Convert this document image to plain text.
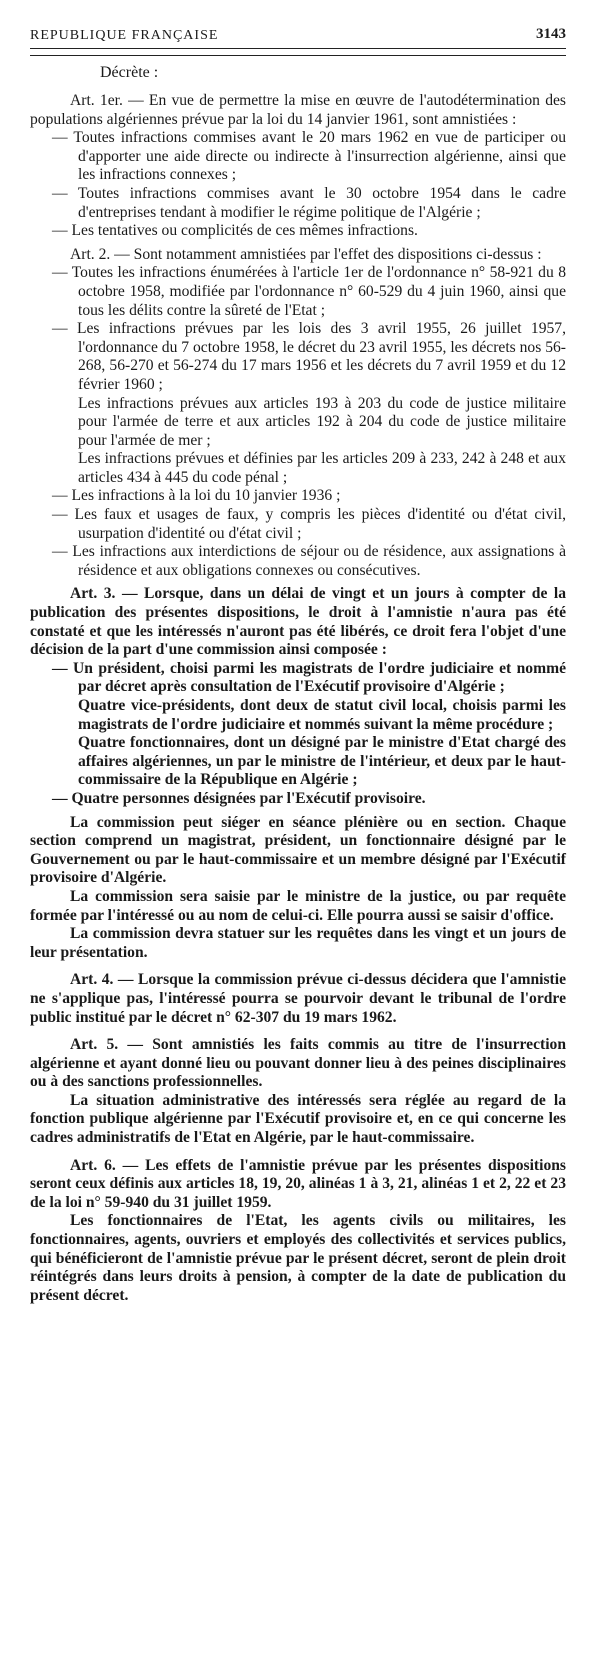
REPUBLIQUE FRANÇAISE	3143
Décrète :

Art. 1er. — En vue de permettre la mise en œuvre de l'autodétermination des populations algériennes prévue par la loi du 14 janvier 1961, sont amnistiées :

— Toutes infractions commises avant le 20 mars 1962 en vue de participer ou d'apporter une aide directe ou indirecte à l'insurrection algérienne, ainsi que les infractions connexes ;

— Toutes infractions commises avant le 30 octobre 1954 dans le cadre d'entreprises tendant à modifier le régime politique de l'Algérie ;

— Les tentatives ou complicités de ces mêmes infractions.

Art. 2. — Sont notamment amnistiées par l'effet des dispositions ci-dessus :

— Toutes les infractions énumérées à l'article 1er de l'ordonnance n° 58-921 du 8 octobre 1958, modifiée par l'ordonnance n° 60-529 du 4 juin 1960, ainsi que tous les délits contre la sûreté de l'Etat ;

— Les infractions prévues par les lois des 3 avril 1955, 26 juillet 1957, l'ordonnance du 7 octobre 1958, le décret du 23 avril 1955, les décrets nos 56-268, 56-270 et 56-274 du 17 mars 1956 et les décrets du 7 avril 1959 et du 12 février 1960 ;

Les infractions prévues aux articles 193 à 203 du code de justice militaire pour l'armée de terre et aux articles 192 à 204 du code de justice militaire pour l'armée de mer ;

Les infractions prévues et définies par les articles 209 à 233, 242 à 248 et aux articles 434 à 445 du code pénal ;

— Les infractions à la loi du 10 janvier 1936 ;

— Les faux et usages de faux, y compris les pièces d'identité ou d'état civil, usurpation d'identité ou d'état civil ;

— Les infractions aux interdictions de séjour ou de résidence, aux assignations à résidence et aux obligations connexes ou consécutives.

Art. 3. — Lorsque, dans un délai de vingt et un jours à compter de la publication des présentes dispositions, le droit à l'amnistie n'aura pas été constaté et que les intéressés n'auront pas été libérés, ce droit fera l'objet d'une décision de la part d'une commission ainsi composée :

— Un président, choisi parmi les magistrats de l'ordre judiciaire et nommé par décret après consultation de l'Exécutif provisoire d'Algérie ;

Quatre vice-présidents, dont deux de statut civil local, choisis parmi les magistrats de l'ordre judiciaire et nommés suivant la même procédure ;

Quatre fonctionnaires, dont un désigné par le ministre d'Etat chargé des affaires algériennes, un par le ministre de l'intérieur, et deux par le haut-commissaire de la République en Algérie ;

— Quatre personnes désignées par l'Exécutif provisoire.

La commission peut siéger en séance plénière ou en section. Chaque section comprend un magistrat, président, un fonctionnaire désigné par le Gouvernement ou par le haut-commissaire et un membre désigné par l'Exécutif provisoire d'Algérie.

La commission sera saisie par le ministre de la justice, ou par requête formée par l'intéressé ou au nom de celui-ci. Elle pourra aussi se saisir d'office.

La commission devra statuer sur les requêtes dans les vingt et un jours de leur présentation.

Art. 4. — Lorsque la commission prévue ci-dessus décidera que l'amnistie ne s'applique pas, l'intéressé pourra se pourvoir devant le tribunal de l'ordre public institué par le décret n° 62-307 du 19 mars 1962.

Art. 5. — Sont amnistiés les faits commis au titre de l'insurrection algérienne et ayant donné lieu ou pouvant donner lieu à des peines disciplinaires ou à des sanctions professionnelles.

La situation administrative des intéressés sera réglée au regard de la fonction publique algérienne par l'Exécutif provisoire et, en ce qui concerne les cadres administratifs de l'Etat en Algérie, par le haut-commissaire.

Art. 6. — Les effets de l'amnistie prévue par les présentes dispositions seront ceux définis aux articles 18, 19, 20, alinéas 1 à 3, 21, alinéas 1 et 2, 22 et 23 de la loi n° 59-940 du 31 juillet 1959.

Les fonctionnaires de l'Etat, les agents civils ou militaires, les fonctionnaires, agents, ouvriers et employés des collectivités et services publics, qui bénéficieront de l'amnistie prévue par le présent décret, seront de plein droit réintégrés dans leurs droits à pension, à compter de la date de publication du présent décret.
